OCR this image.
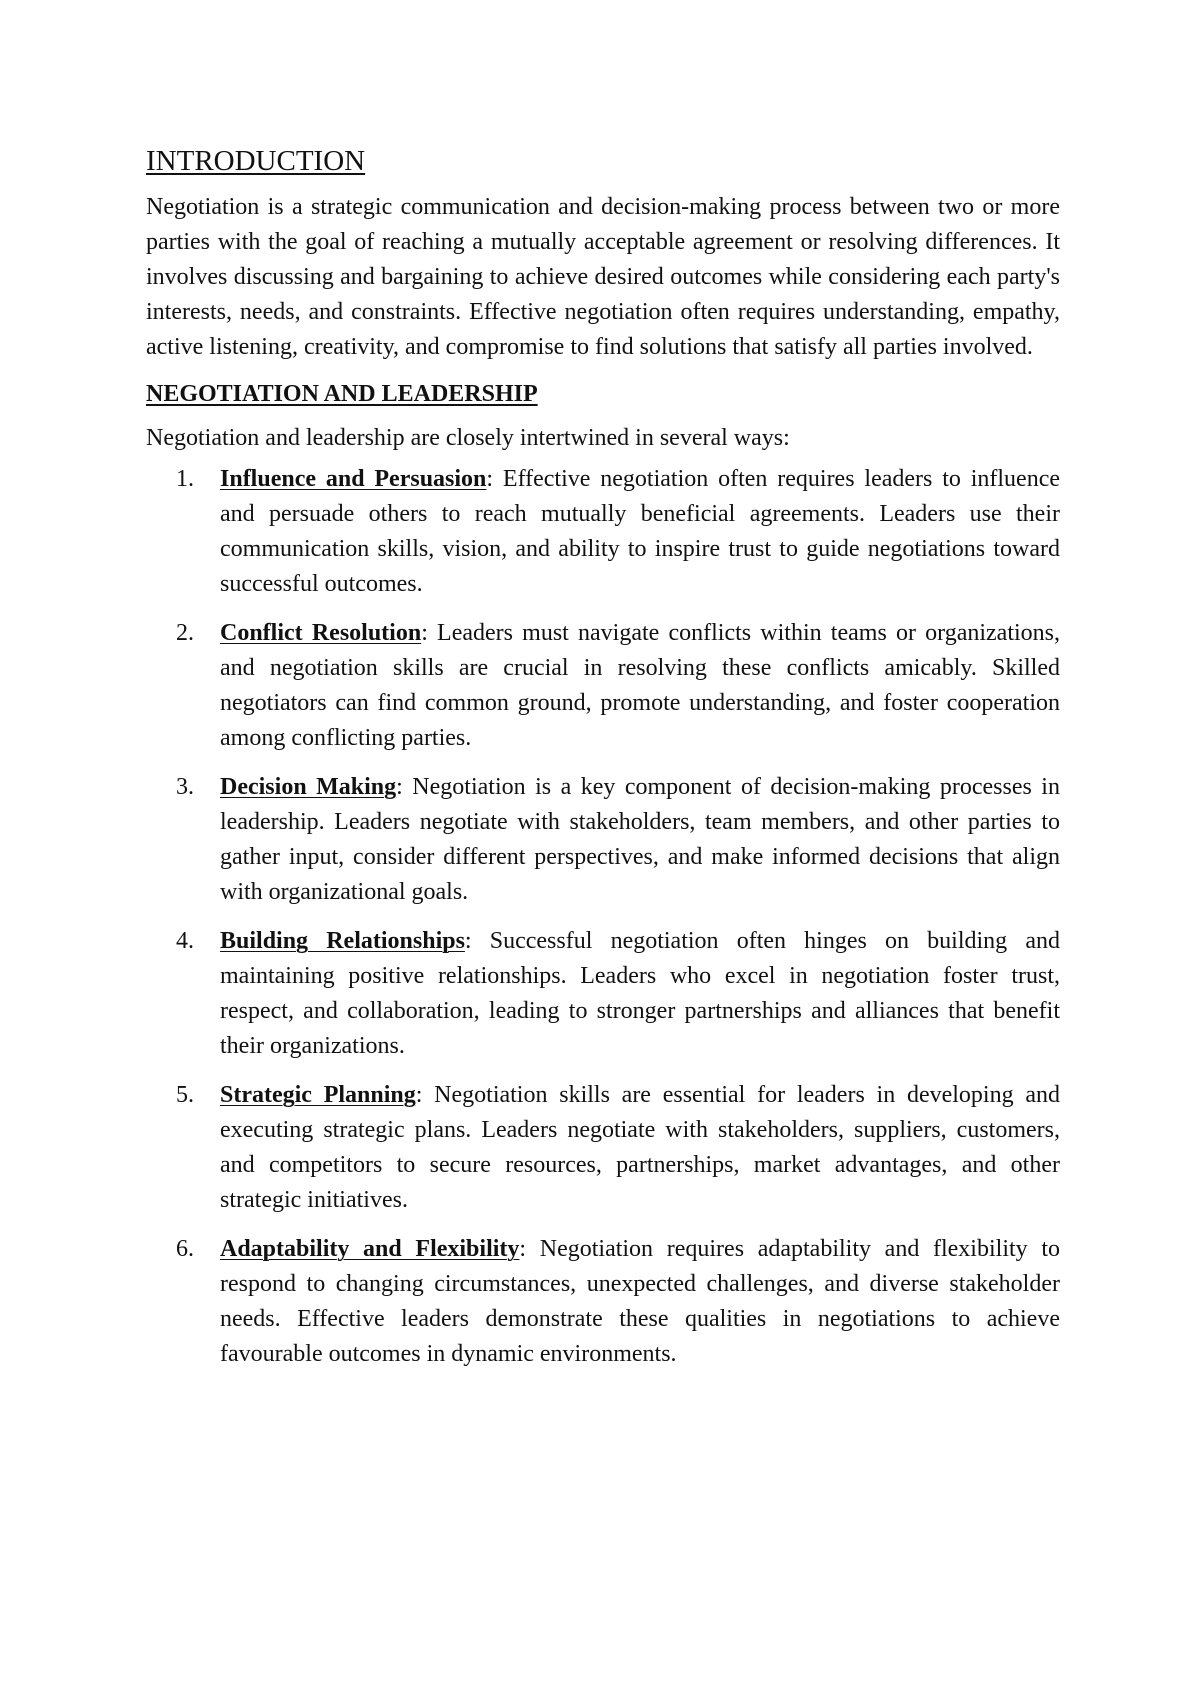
INTRODUCTION

Negotiation is a strategic communication and decision-making process between two or more parties with the goal of reaching a mutually acceptable agreement or resolving differences. It involves discussing and bargaining to achieve desired outcomes while considering each party's interests, needs, and constraints. Effective negotiation often requires understanding, empathy, active listening, creativity, and compromise to find solutions that satisfy all parties involved.

NEGOTIATION AND LEADERSHIP

Negotiation and leadership are closely intertwined in several ways:

1. Influence and Persuasion: Effective negotiation often requires leaders to influence and persuade others to reach mutually beneficial agreements. Leaders use their communication skills, vision, and ability to inspire trust to guide negotiations toward successful outcomes.
2. Conflict Resolution: Leaders must navigate conflicts within teams or organizations, and negotiation skills are crucial in resolving these conflicts amicably. Skilled negotiators can find common ground, promote understanding, and foster cooperation among conflicting parties.
3. Decision Making: Negotiation is a key component of decision-making processes in leadership. Leaders negotiate with stakeholders, team members, and other parties to gather input, consider different perspectives, and make informed decisions that align with organizational goals.
4. Building Relationships: Successful negotiation often hinges on building and maintaining positive relationships. Leaders who excel in negotiation foster trust, respect, and collaboration, leading to stronger partnerships and alliances that benefit their organizations.
5. Strategic Planning: Negotiation skills are essential for leaders in developing and executing strategic plans. Leaders negotiate with stakeholders, suppliers, customers, and competitors to secure resources, partnerships, market advantages, and other strategic initiatives.
6. Adaptability and Flexibility: Negotiation requires adaptability and flexibility to respond to changing circumstances, unexpected challenges, and diverse stakeholder needs. Effective leaders demonstrate these qualities in negotiations to achieve favourable outcomes in dynamic environments.
